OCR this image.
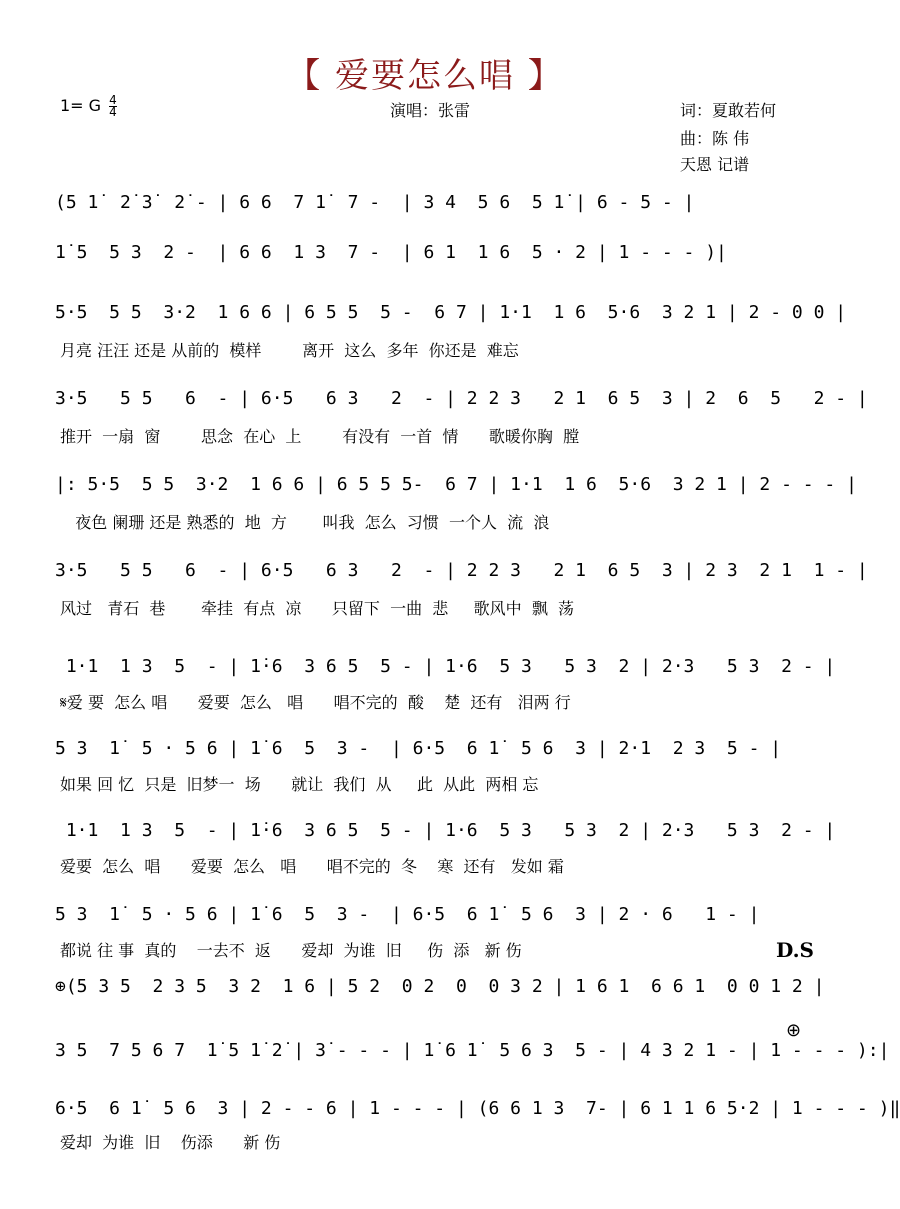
【 爱要怎么唱 】
1= G $\frac{4}{4}$	演唱：张雷	词：夏敢若何
曲：陈 伟
天恩 记谱
(5 1̇  2̇ 3̇  2̇ - | 6 6  7 1̇  7 -  | 3 4  5 6  5 1̇ | 6 - 5 - |
1̇ 5  5 3  2 -  | 6 6  1 3  7 -  | 6 1  1 6  5 · 2 | 1 - - - )|
5·5  5 5  3·2  1 6 6 | 6 5 5  5 -  6 7 | 1·1  1 6  5·6  3 2 1 | 2 - 0 0 |
月亮 汪汪 还是 从前的  模样        离开  这么  多年  你还是  难忘
3·5   5 5   6  - | 6·5   6 3   2  - | 2 2 3   2 1  6 5  3 | 2  6  5   2 - |
推开  一扇  窗        思念  在心  上        有没有  一首  情      歌暖你胸  膛
|: 5·5  5 5  3·2  1 6 6 | 6 5 5 5-  6 7 | 1·1  1 6  5·6  3 2 1 | 2 - - - |
夜色 阑珊 还是 熟悉的  地  方       叫我  怎么  习惯  一个人  流  浪
3·5   5 5   6  - | 6·5   6 3   2  - | 2 2 3   2 1  6 5  3 | 2 3  2 1  1 - |
风过   青石  巷       牵挂  有点  凉      只留下  一曲  悲     歌风中  飘  荡
1·1  1 3  5  - | 1̇·6  3 6 5  5 - | 1·6  5 3   5 3  2 | 2·3   5 3  2 - |
𝄋爱 要  怎么 唱      爱要  怎么   唱      唱不完的  酸    楚  还有   泪两 行
5 3  1̇  5 · 5 6 | 1̇ 6  5  3 -  | 6·5  6 1̇  5 6  3 | 2·1  2 3  5 - |
如果 回 忆  只是  旧梦一  场      就让  我们  从     此  从此  两相 忘
1·1  1 3  5  - | 1̇·6  3 6 5  5 - | 1·6  5 3   5 3  2 | 2·3   5 3  2 - |
爱要  怎么  唱      爱要  怎么   唱      唱不完的  冬    寒  还有   发如 霜
5 3  1̇  5 · 5 6 | 1̇ 6  5  3 -  | 6·5  6 1̇  5 6  3 | 2 · 6   1 - |
都说 往 事  真的    一去不  返      爱却  为谁  旧     伤  添   新 伤	D.S
⊕(5 3 5  2 3 5  3 2  1 6 | 5 2  0 2  0  0 3 2 | 1 6 1  6 6 1  0 0 1 2 |
⊕
3 5  7 5 6 7  1̇ 5 1̇ 2̇ | 3̇ - - - | 1̇ 6 1̇  5 6 3  5 - | 4 3 2 1 - | 1 - - - ):|
6·5  6 1̇  5 6  3 | 2 - - 6 | 1 - - - | (6 6 1 3  7- | 6 1 1 6 5·2 | 1 - - - )‖
爱却  为谁  旧    伤添      新 伤
